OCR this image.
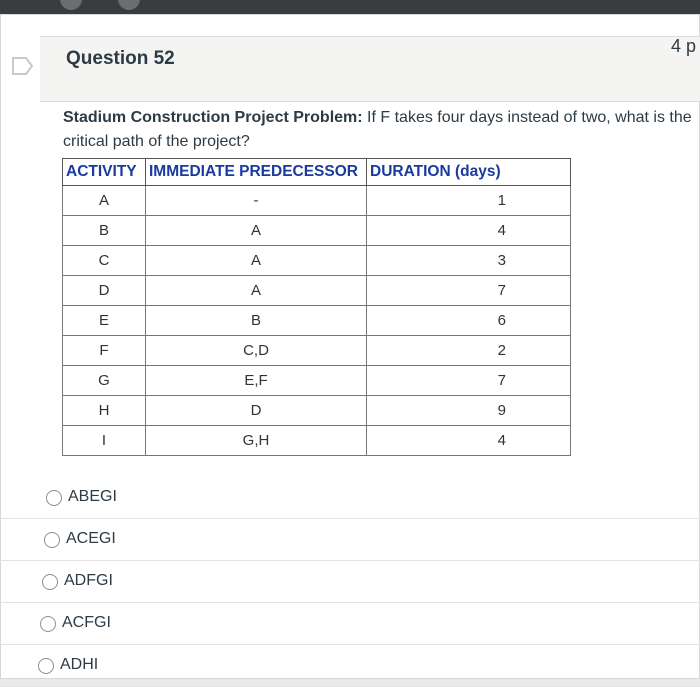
Question 52
4 p
Stadium Construction Project Problem: If F takes four days instead of two, what is the critical path of the project?
ACTIVITY	IMMEDIATE PREDECESSOR	DURATION (days)
A	-	1
B	A	4
C	A	3
D	A	7
E	B	6
F	C,D	2
G	E,F	7
H	D	9
I	G,H	4
ABEGI
ACEGI
ADFGI
ACFGI
ADHI
